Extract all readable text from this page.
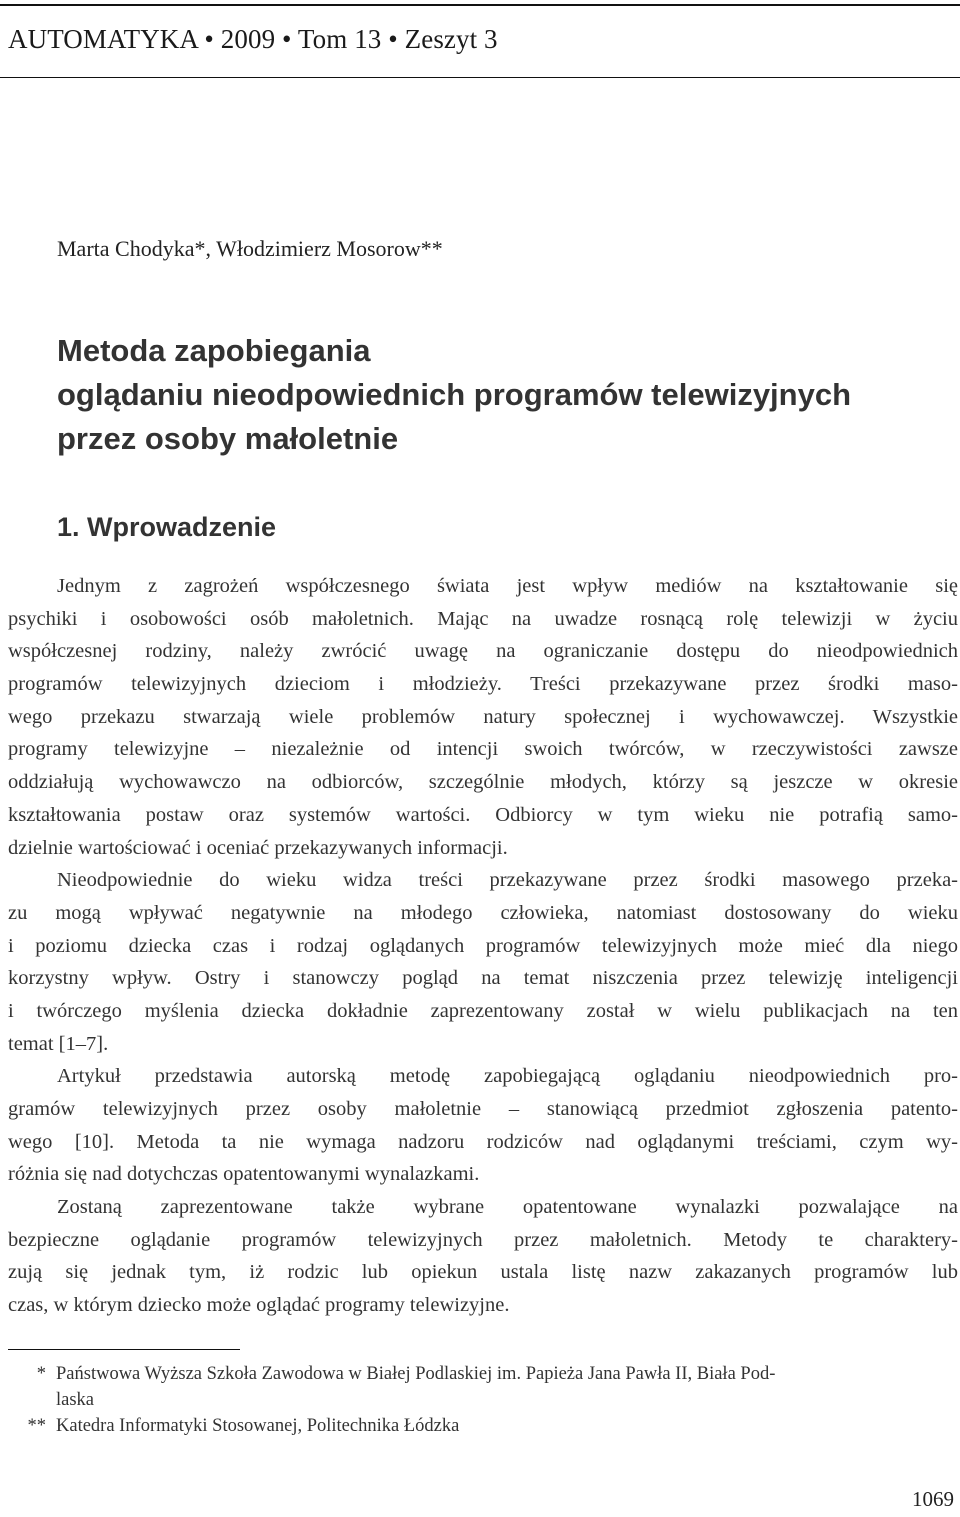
AUTOMATYKA • 2009 • Tom 13 • Zeszyt 3
Marta Chodyka*, Włodzimierz Mosorow**
Metoda zapobiegania
oglądaniu nieodpowiednich programów telewizyjnych
przez osoby małoletnie
1. Wprowadzenie
Jednym z zagrożeń współczesnego świata jest wpływ mediów na kształtowanie się
psychiki i osobowości osób małoletnich. Mając na uwadze rosnącą rolę telewizji w życiu
współczesnej rodziny, należy zwrócić uwagę na ograniczanie dostępu do nieodpowiednich
programów telewizyjnych dzieciom i młodzieży. Treści przekazywane przez środki maso-
wego przekazu stwarzają wiele problemów natury społecznej i wychowawczej. Wszystkie
programy telewizyjne – niezależnie od intencji swoich twórców, w rzeczywistości zawsze
oddziałują wychowawczo na odbiorców, szczególnie młodych, którzy są jeszcze w okresie
kształtowania postaw oraz systemów wartości. Odbiorcy w tym wieku nie potrafią samo-
dzielnie wartościować i oceniać przekazywanych informacji.
Nieodpowiednie do wieku widza treści przekazywane przez środki masowego przeka-
zu mogą wpływać negatywnie na młodego człowieka, natomiast dostosowany do wieku
i poziomu dziecka czas i rodzaj oglądanych programów telewizyjnych może mieć dla niego
korzystny wpływ. Ostry i stanowczy pogląd na temat niszczenia przez telewizję inteligencji
i twórczego myślenia dziecka dokładnie zaprezentowany został w wielu publikacjach na ten
temat [1–7].
Artykuł przedstawia autorską metodę zapobiegającą oglądaniu nieodpowiednich pro-
gramów telewizyjnych przez osoby małoletnie – stanowiącą przedmiot zgłoszenia patento-
wego [10]. Metoda ta nie wymaga nadzoru rodziców nad oglądanymi treściami, czym wy-
różnia się nad dotychczas opatentowanymi wynalazkami.
Zostaną zaprezentowane także wybrane opatentowane wynalazki pozwalające na
bezpieczne oglądanie programów telewizyjnych przez małoletnich. Metody te charaktery-
zują się jednak tym, iż rodzic lub opiekun ustala listę nazw zakazanych programów lub
czas, w którym dziecko może oglądać programy telewizyjne.
* Państwowa Wyższa Szkoła Zawodowa w Białej Podlaskiej im. Papieża Jana Pawła II, Biała Pod-
laska
** Katedra Informatyki Stosowanej, Politechnika Łódzka
1069
